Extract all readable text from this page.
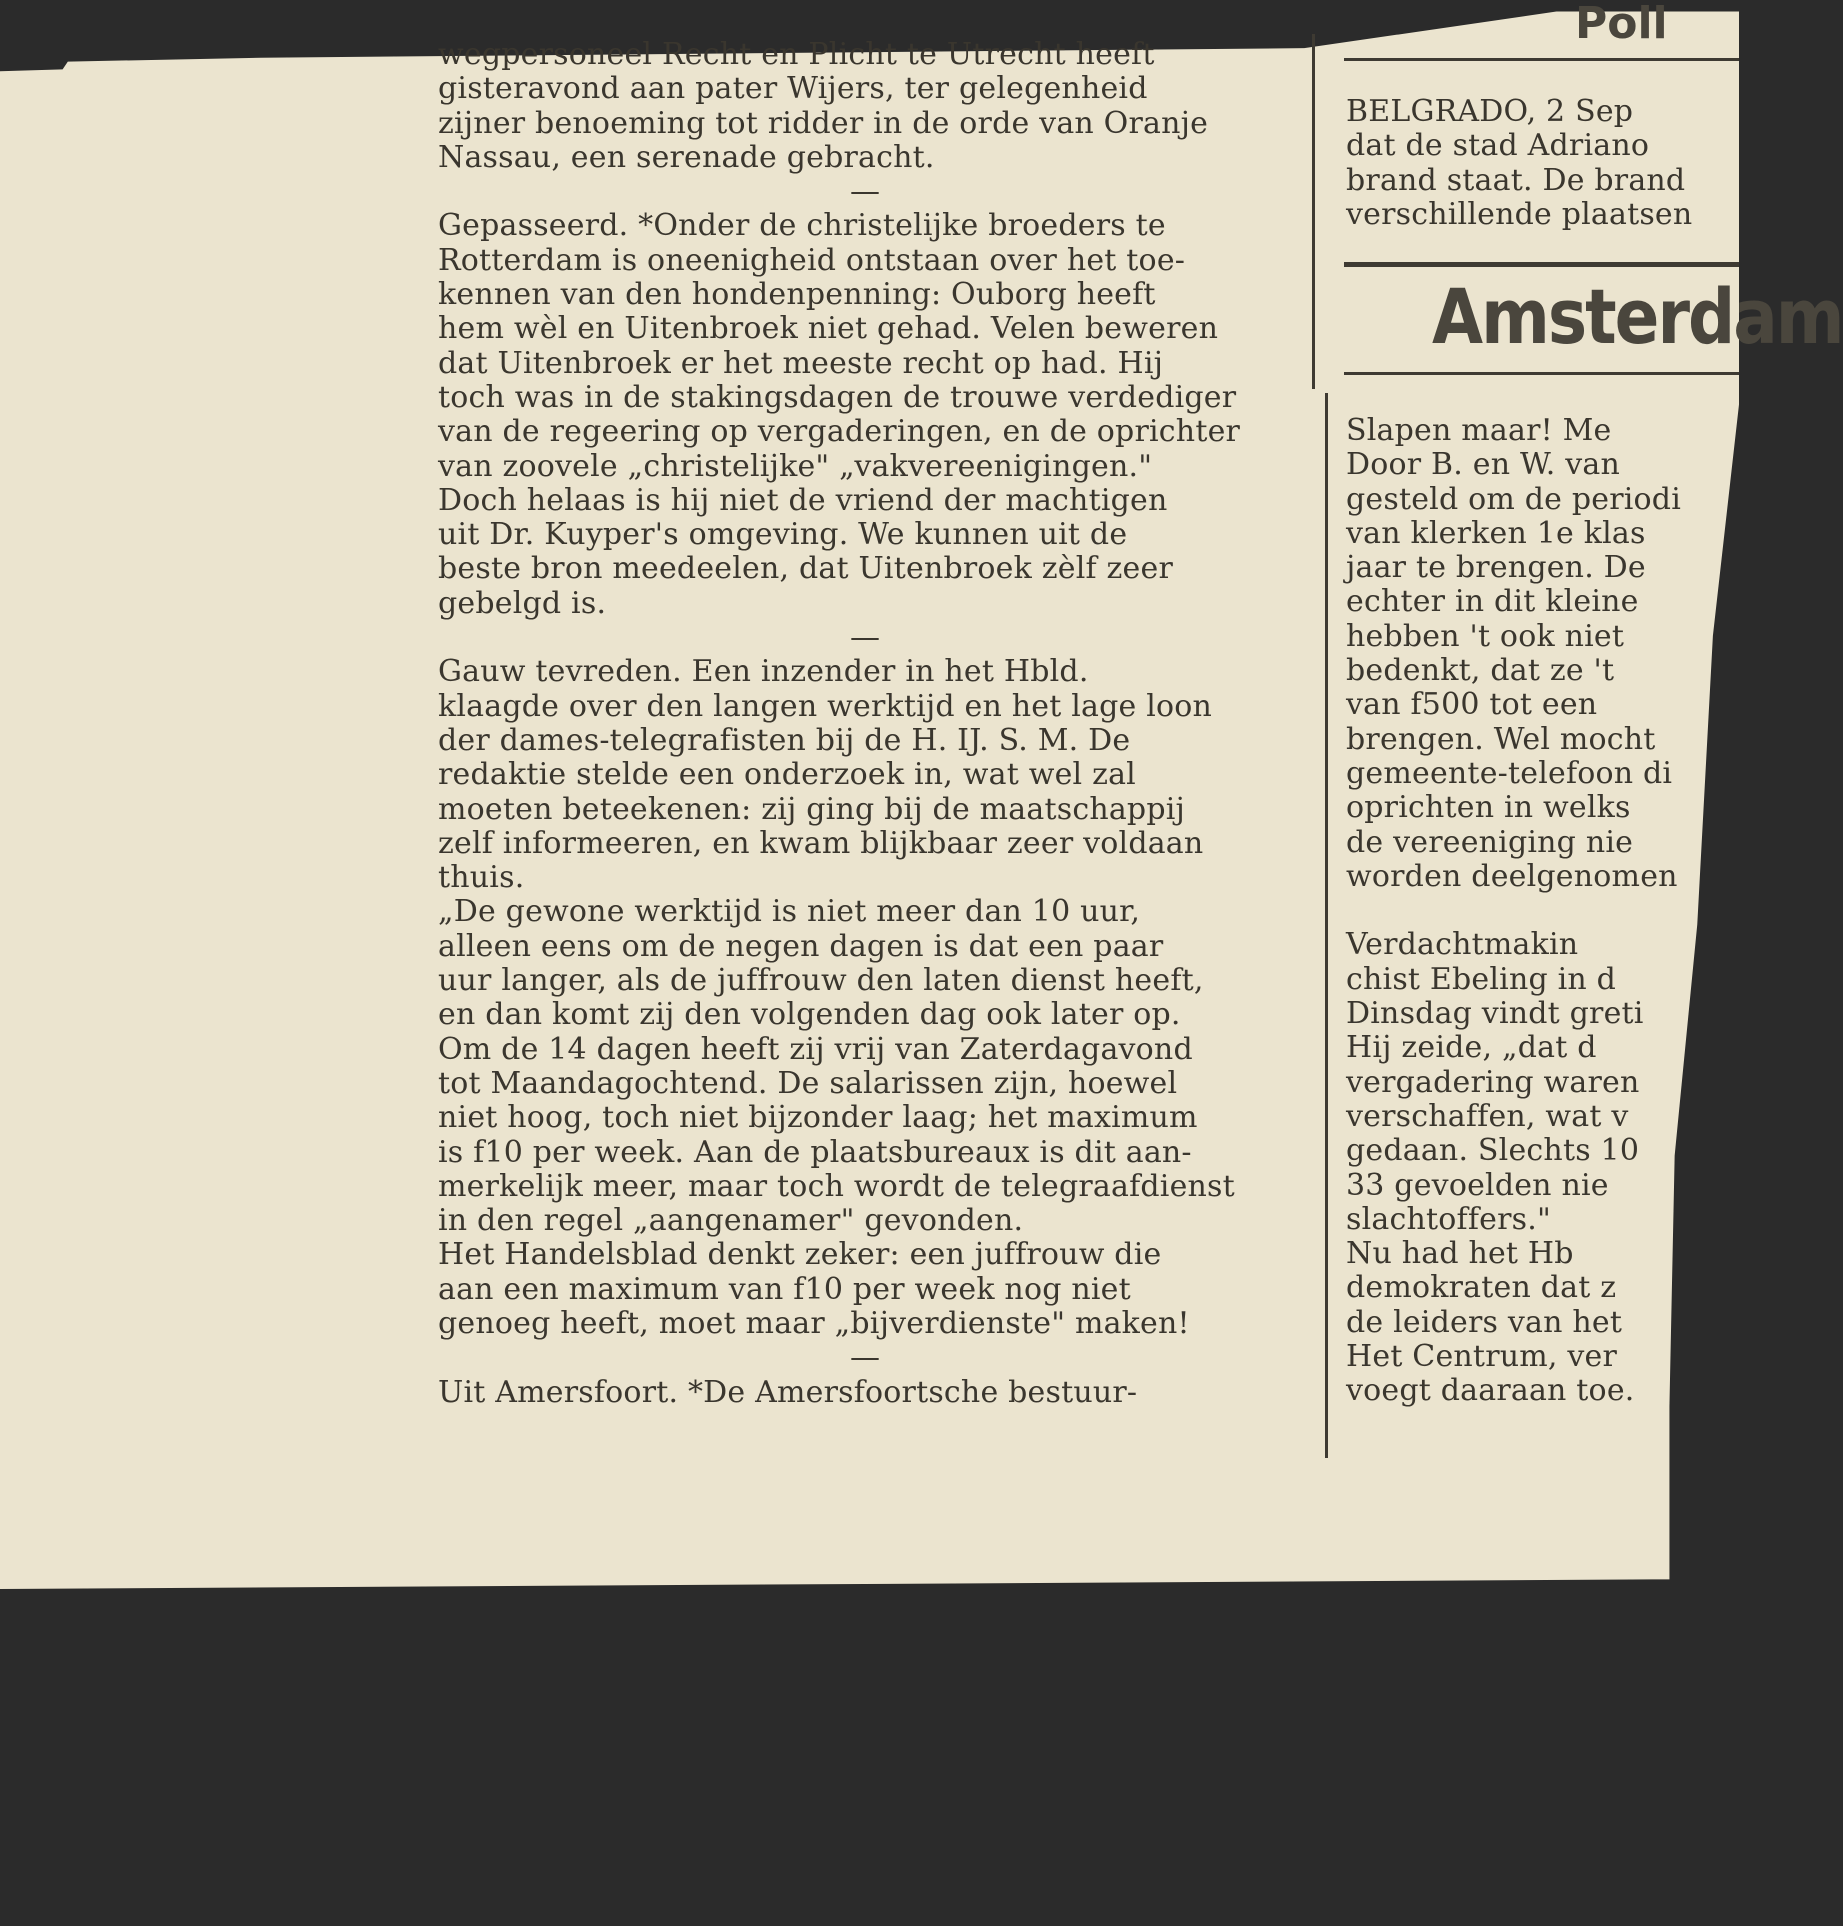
wegpersoneel Recht en Plicht te Utrecht heeft
gisteravond aan pater Wijers, ter gelegenheid
zijner benoeming tot ridder in de orde van Oranje
Nassau, een serenade gebracht.
—
Gepasseerd. *Onder de christelijke broeders te
Rotterdam is oneenigheid ontstaan over het toe-
kennen van den hondenpenning: Ouborg heeft
hem wèl en Uitenbroek niet gehad. Velen beweren
dat Uitenbroek er het meeste recht op had. Hij
toch was in de stakingsdagen de trouwe verdediger
van de regeering op vergaderingen, en de oprichter
van zoovele „christelijke" „vakvereenigingen."
Doch helaas is hij niet de vriend der machtigen
uit Dr. Kuyper's omgeving. We kunnen uit de
beste bron meedeelen, dat Uitenbroek zèlf zeer
gebelgd is.
—
Gauw tevreden. Een inzender in het Hbld.
klaagde over den langen werktijd en het lage loon
der dames-telegrafisten bij de H. IJ. S. M. De
redaktie stelde een onderzoek in, wat wel zal
moeten beteekenen: zij ging bij de maatschappij
zelf informeeren, en kwam blijkbaar zeer voldaan
thuis.
„De gewone werktijd is niet meer dan 10 uur,
alleen eens om de negen dagen is dat een paar
uur langer, als de juffrouw den laten dienst heeft,
en dan komt zij den volgenden dag ook later op.
Om de 14 dagen heeft zij vrij van Zaterdagavond
tot Maandagochtend. De salarissen zijn, hoewel
niet hoog, toch niet bijzonder laag; het maximum
is f10 per week. Aan de plaatsbureaux is dit aan-
merkelijk meer, maar toch wordt de telegraafdienst
in den regel „aangenamer" gevonden.
Het Handelsblad denkt zeker: een juffrouw die
aan een maximum van f10 per week nog niet
genoeg heeft, moet maar „bijverdienste" maken!
—
Uit Amersfoort. *De Amersfoortsche bestuur-
Poll
BELGRADO, 2 Sep
dat de stad Adriano
brand staat. De brand
verschillende plaatsen
Amsterdam
Slapen maar! Me
Door B. en W. van
gesteld om de periodi
van klerken 1e klas
jaar te brengen. De
echter in dit kleine
hebben 't ook niet
bedenkt, dat ze 't
van f500 tot een
brengen. Wel mocht
gemeente-telefoon di
oprichten in welks
de vereeniging nie
worden deelgenomen
Verdachtmakin
chist Ebeling in d
Dinsdag vindt greti
Hij zeide, „dat d
vergadering waren
verschaffen, wat v
gedaan. Slechts 10
33 gevoelden nie
slachtoffers."
Nu had het Hb
demokraten dat z
de leiders van het
Het Centrum, ver
voegt daaraan toe.
